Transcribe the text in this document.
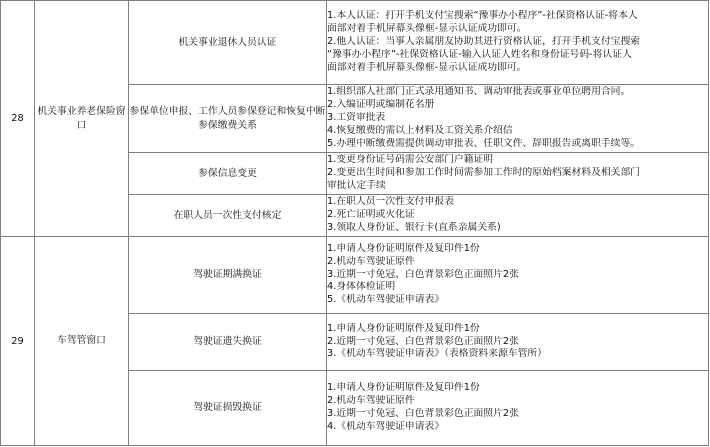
28	机关事业养老保险窗口	机关事业退休人员认证	1.本人认证：打开手机支付宝搜索“豫事办小程序”-社保资格认证-将本人
面部对着手机屏幕头像框-显示认证成功即可。
2.他人认证：当事人亲属朋友协助其进行资格认证，打开手机支付宝搜索
“豫事办小程序”-社保资格认证-输入认证人姓名和身份证号码-将认证人
面部对着手机屏幕头像框-显示认证成功即可。

		参保单位申报、工作人员参保登记和恢复中断参保缴费关系	1.组织部人社部门正式录用通知书、调动审批表或事业单位聘用合同。
2.入编证明或编制花名册
3.工资审批表
4.恢复缴费的需以上材料及工资关系介绍信
5.办理中断缴费需提供调动审批表、任职文件、辞职报告或离职手续等。

		参保信息变更	1.变更身份证号码需公安部门户籍证明
2.变更出生时间和参加工作时间需参加工作时的原始档案材料及相关部门
审批认定手续

		在职人员一次性支付核定	1.在职人员一次性支付申报表
2.死亡证明或火化证
3.领取人身份证、银行卡(直系亲属关系)

29	车驾管窗口	驾驶证期满换证	1.申请人身份证明原件及复印件1份
2.机动车驾驶证原件
3.近期一寸免冠、白色背景彩色正面照片2张
4.身体体检证明
5.《机动车驾驶证申请表》

		驾驶证遗失换证	1.申请人身份证明原件及复印件1份
2.近期一寸免冠、白色背景彩色正面照片2张
3.《机动车驾驶证申请表》（表格资料来源车管所）

		驾驶证损毁换证	1.申请人身份证明原件及复印件1份
2.机动车驾驶证原件
3.近期一寸免冠、白色背景彩色正面照片2张
4.《机动车驾驶证申请表》
